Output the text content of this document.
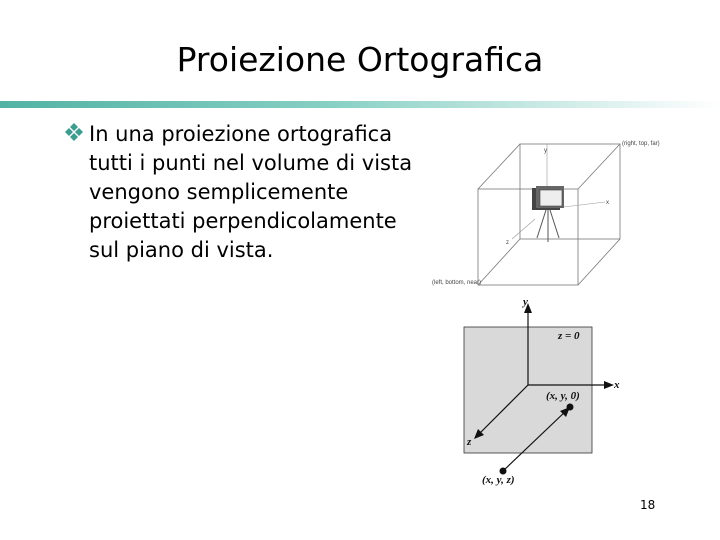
Proiezione Ortografica
In una proiezione ortografica tutti i punti nel volume di vista vengono semplicemente proiettati perpendicolamente sul piano di vista.
y
x
z
(right, top, far)
(left, bottom, near)
y
x
z
z = 0
(x, y, 0)
(x, y, z)
18
